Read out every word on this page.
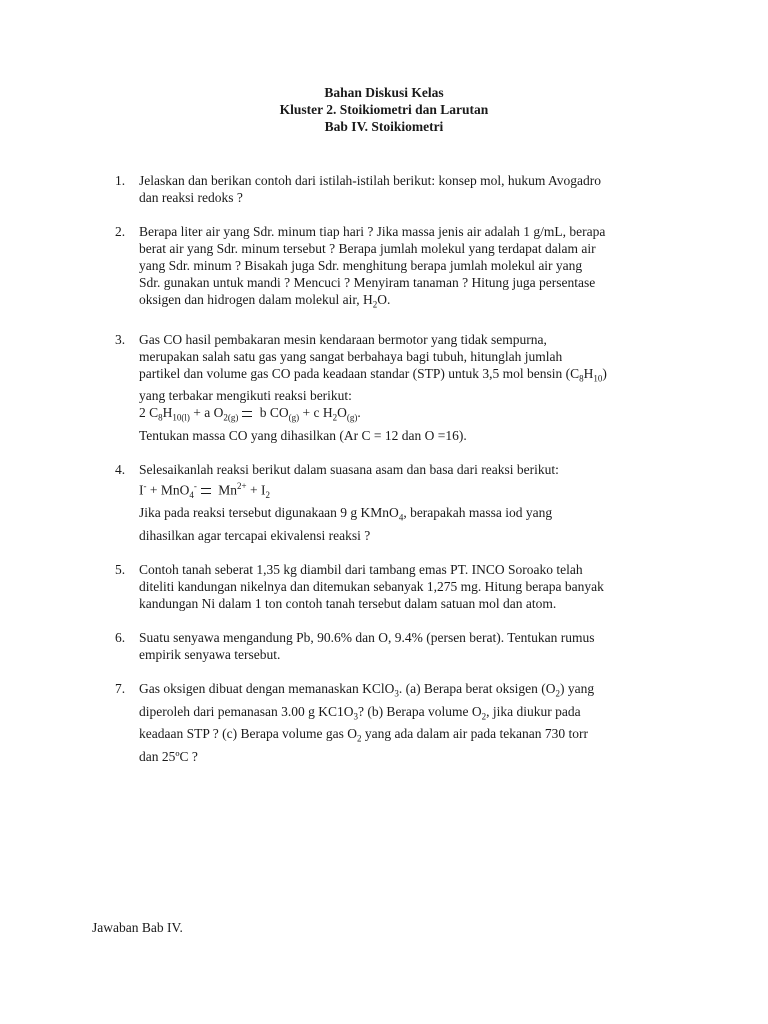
Bahan Diskusi Kelas
Kluster 2. Stoikiometri dan Larutan
Bab IV. Stoikiometri
1. Jelaskan dan berikan contoh dari istilah-istilah berikut: konsep mol, hukum Avogadro
dan reaksi redoks ?
2. Berapa liter air yang Sdr. minum tiap hari ? Jika massa jenis air adalah 1 g/mL, berapa
berat air yang Sdr. minum tersebut ? Berapa jumlah molekul yang terdapat dalam air
yang Sdr. minum ? Bisakah juga Sdr. menghitung berapa jumlah molekul air yang
Sdr. gunakan untuk mandi ? Mencuci ? Menyiram tanaman ? Hitung juga persentase
oksigen dan hidrogen dalam molekul air, $H_2O$.
3. Gas CO hasil pembakaran mesin kendaraan bermotor yang tidak sempurna,
merupakan salah satu gas yang sangat berbahaya bagi tubuh, hitunglah jumlah
partikel dan volume gas CO pada keadaan standar (STP) untuk 3,5 mol bensin $(C_8H_{10})$
yang terbakar mengikuti reaksi berikut:
2 $C_8H_{10(l)} + a$ $O_{2(g)}$ b $CO_{(g)} + c$ $H_2O_{(g)}$.
Tentukan massa CO yang dihasilkan (Ar C = 12 dan O =16).
4. Selesaikanlah reaksi berikut dalam suasana asam dan basa dari reaksi berikut:
I- + MnO$_4$- $Mn^{2+} + I_2$
Jika pada reaksi tersebut digunakaan 9 g KMnO$_4$, berapakah massa iod yang
dihasilkan agar tercapai ekivalensi reaksi ?
5. Contoh tanah seberat 1,35 kg diambil dari tambang emas PT. INCO Soroako telah
diteliti kandungan nikelnya dan ditemukan sebanyak 1,275 mg. Hitung berapa banyak
kandungan Ni dalam 1 ton contoh tanah tersebut dalam satuan mol dan atom.
6. Suatu senyawa mengandung Pb, 90.6% dan O, 9.4% (persen berat). Tentukan rumus
empirik senyawa tersebut.
7. Gas oksigen dibuat dengan memanaskan KClO$_3$. (a) Berapa berat oksigen $(O_2)$ yang
diperoleh dari pemanasan 3.00 g $KC1O_3$? (b) Berapa volume $O_2$, jika diukur pada
keadaan STP ? (c) Berapa volume gas $O_2$ yang ada dalam air pada tekanan 730 torr
dan 25ºC ?
Jawaban Bab IV.
